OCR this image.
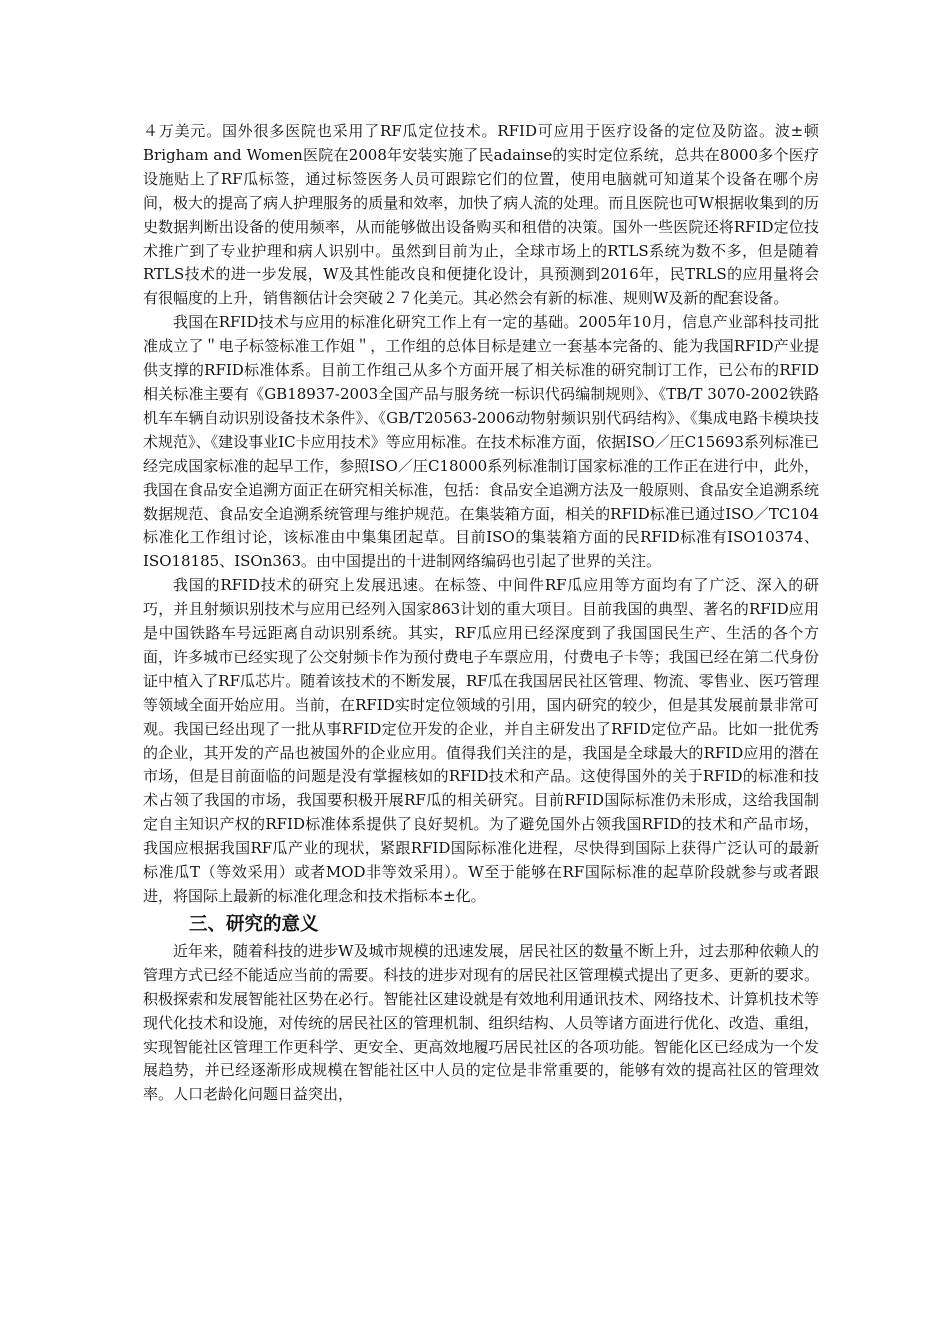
４万美元。国外很多医院也采用了RF瓜定位技术。RFID可应用于医疗设备的定位及防盗。波±顿Brigham and Women医院在2008年安装实施了民adainse的实时定位系统，总共在8000多个医疗设施贴上了RF瓜标签，通过标签医务人员可跟踪它们的位置，使用电脑就可知道某个设备在哪个房间，极大的提高了病人护理服务的质量和效率，加快了病人流的处理。而且医院也可W根据收集到的历史数据判断出设备的使用频率，从而能够做出设备购买和租借的决策。国外一些医院还将RFID定位技术推广到了专业护理和病人识别中。虽然到目前为止，全球市场上的RTLS系统为数不多，但是随着RTLS技术的进一步发展，W及其性能改良和便捷化设计，具预测到2016年，民TRLS的应用量将会有很幅度的上升，销售额估计会突破２７化美元。其必然会有新的标准、规则W及新的配套设备。

我国在RFID技术与应用的标准化研究工作上有一定的基础。2005年10月，信息产业部科技司批准成立了＂电子标签标准工作姐＂，工作组的总体目标是建立一套基本完备的、能为我国RFID产业提供支撑的RFID标准体系。目前工作组己从多个方面开展了相关标准的研究制订工作，已公布的RFID相关标准主要有《GB18937-2003全国产品与服务统一标识代码编制规则》、《TB/T 3070-2002铁路机车车辆自动识别设备技术条件》、《GB/T20563-2006动物射频识别代码结构》、《集成电路卡模块技术规范》、《建设事业IC卡应用技术》等应用标准。在技术标准方面，依据ISO／圧C15693系列标准已经完成国家标准的起早工作，参照ISO／圧C18000系列标准制订国家标准的工作正在进行中，此外，我国在食品安全追溯方面正在研究相关标准，包括：食品安全追溯方法及一般原则、食品安全追溯系统数据规范、食品安全追溯系统管理与维护规范。在集装箱方面，相关的RFID标准已通过ISO／TC104标准化工作组讨论，该标准由中集集团起草。目前ISO的集装箱方面的民RFID标准有ISO10374、ISO18185、ISOn363。由中国提出的十进制网络编码也引起了世界的关注。

我国的RFID技术的研究上发展迅速。在标签、中间件RF瓜应用等方面均有了广泛、深入的研巧，并且射频识别技术与应用已经列入国家863计划的重大项目。目前我国的典型、著名的RFID应用是中国铁路车号远距离自动识别系统。其实，RF瓜应用已经深度到了我国国民生产、生活的各个方面，许多城市已经实现了公交射频卡作为预付费电子车票应用，付费电子卡等；我国已经在第二代身份证中植入了RF瓜芯片。随着该技术的不断发展，RF瓜在我国居民社区管理、物流、零售业、医巧管理等领域全面开始应用。当前，在RFID实时定位领域的引用，国内研究的较少，但是其发展前景非常可观。我国已经出现了一批从事RFID定位开发的企业，并自主研发出了RFID定位产品。比如一批优秀的企业，其开发的产品也被国外的企业应用。值得我们关注的是，我国是全球最大的RFID应用的潜在市场，但是目前面临的问题是没有掌握核如的RFID技术和产品。这使得国外的关于RFID的标准和技术占领了我国的市场，我国要积极开展RF瓜的相关研究。目前RFID国际标准仍未形成，这给我国制定自主知识产权的RFID标准体系提供了良好契机。为了避免国外占领我国RFID的技术和产品市场，我国应根据我国RF瓜产业的现状，紧跟RFID国际标准化进程，尽快得到国际上获得广泛认可的最新标准瓜T（等效采用）或者MOD非等效采用）。W至于能够在RF国际标准的起草阶段就参与或者跟进，将国际上最新的标准化理念和技术指标本±化。

三、研究的意义

近年来，随着科技的进步W及城市规模的迅速发展，居民社区的数量不断上升，过去那种依赖人的管理方式已经不能适应当前的需要。科技的进步对现有的居民社区管理模式提出了更多、更新的要求。积极探索和发展智能社区势在必行。智能社区建设就是有效地利用通讯技术、网络技术、计算机技术等现代化技术和设施，对传统的居民社区的管理机制、组织结构、人员等诸方面进行优化、改造、重组，实现智能社区管理工作更科学、更安全、更高效地履巧居民社区的各项功能。智能化区已经成为一个发展趋势，并已经逐渐形成规模在智能社区中人员的定位是非常重要的，能够有效的提高社区的管理效率。人口老龄化问题日益突出，
